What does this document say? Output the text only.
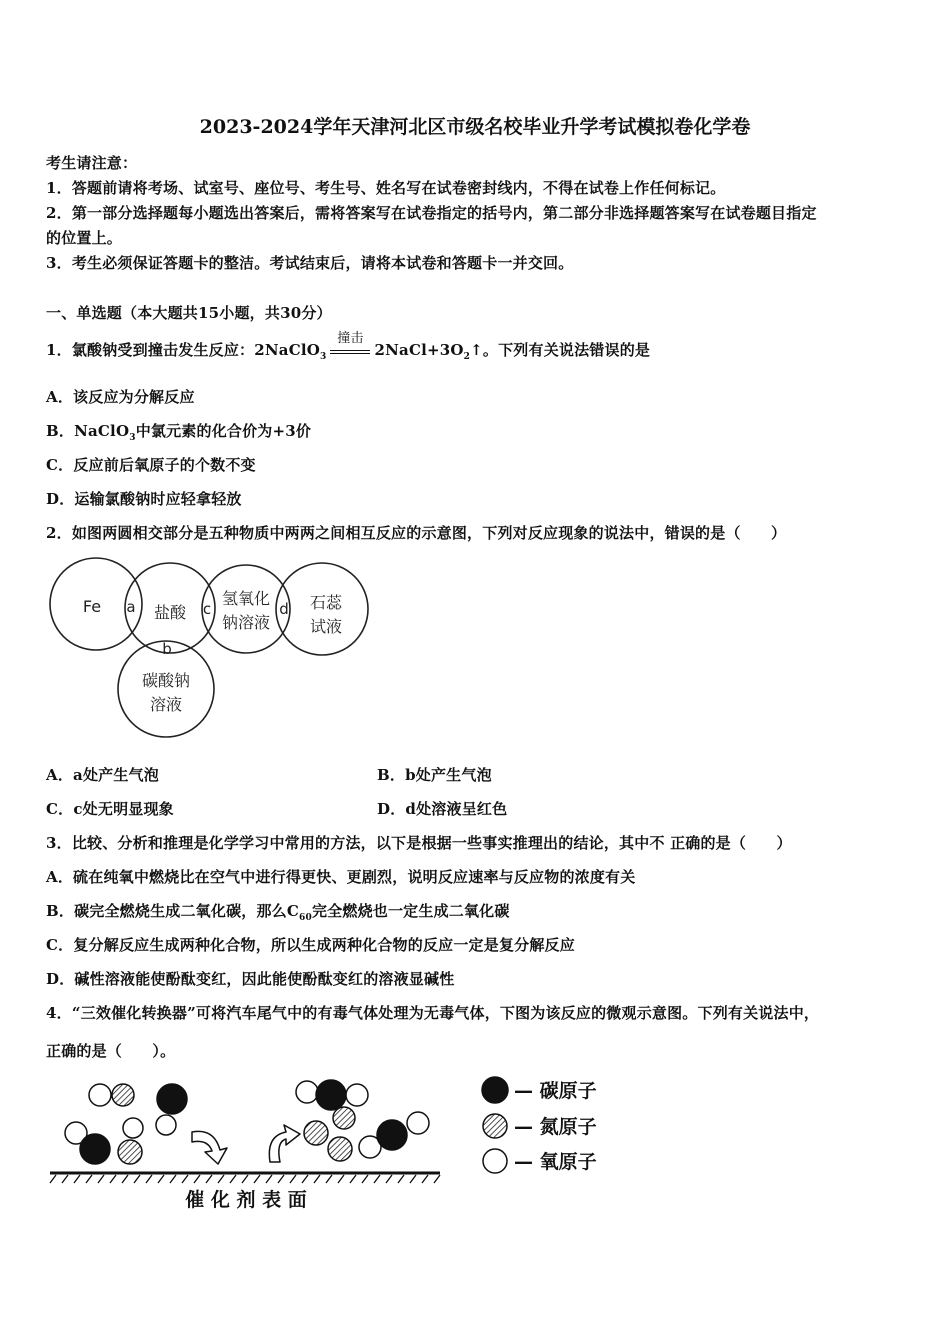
2023-2024学年天津河北区市级名校毕业升学考试模拟卷化学卷
考生请注意：
1．答题前请将考场、试室号、座位号、考生号、姓名写在试卷密封线内，不得在试卷上作任何标记。
2．第一部分选择题每小题选出答案后，需将答案写在试卷指定的括号内，第二部分非选择题答案写在试卷题目指定
的位置上。
3．考生必须保证答题卡的整洁。考试结束后，请将本试卷和答题卡一并交回。
一、单选题（本大题共15小题，共30分）
1．氯酸钠受到撞击发生反应：2NaClO$_3$
撞击
$2NaCl+3O_2↑$。下列有关说法错误的是
A．该反应为分解反应
B．NaClO$_3$中氯元素的化合价为+3价
C．反应前后氧原子的个数不变
D．运输氯酸钠时应轻拿轻放
2．如图两圆相交部分是五种物质中两两之间相互反应的示意图，下列对反应现象的说法中，错误的是（　　）
Fe	盐酸
氢氧化
钠溶液
石蕊
试液
碳酸钠
溶液
a
b
c	d
A．a处产生气泡	B．b处产生气泡
C．c处无明显现象	D．d处溶液呈红色
3．比较、分析和推理是化学学习中常用的方法，以下是根据一些事实推理出的结论，其中不 正确的是（　　）
A．硫在纯氧中燃烧比在空气中进行得更快、更剧烈，说明反应速率与反应物的浓度有关
B．碳完全燃烧生成二氧化碳，那么$C_{60}$完全燃烧也一定生成二氧化碳
C．复分解反应生成两种化合物，所以生成两种化合物的反应一定是复分解反应
D．碱性溶液能使酚酞变红，因此能使酚酞变红的溶液显碱性
4．“三效催化转换器”可将汽车尾气中的有毒气体处理为无毒气体，下图为该反应的微观示意图。下列有关说法中，
正确的是（　　）。
催 化 剂 表 面
— 碳原子
— 氮原子
— 氧原子
